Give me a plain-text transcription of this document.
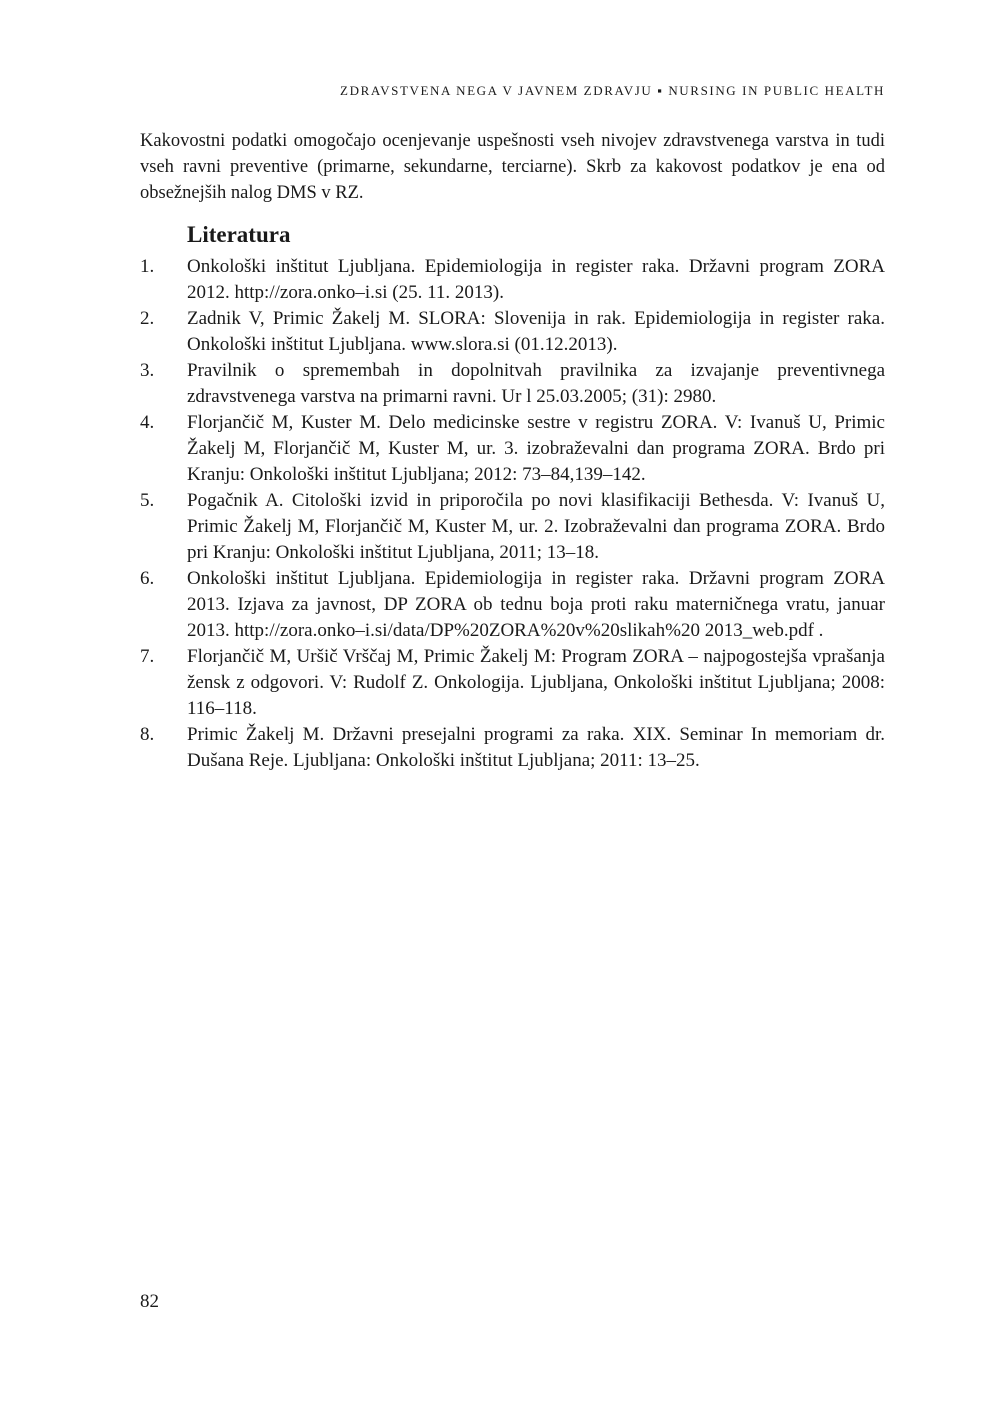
ZDRAVSTVENA NEGA V JAVNEM ZDRAVJU ▪ NURSING IN PUBLIC HEALTH

Kakovostni podatki omogočajo ocenjevanje uspešnosti vseh nivojev zdravstvenega varstva in tudi vseh ravni preventive (primarne, sekundarne, terciarne). Skrb za kakovost podatkov je ena od obsežnejših nalog DMS v RZ.

Literatura
1.	Onkološki inštitut Ljubljana. Epidemiologija in register raka. Državni program ZORA 2012. http://zora.onko–i.si (25. 11. 2013).
2.	Zadnik V, Primic Žakelj M. SLORA: Slovenija in rak. Epidemiologija in register raka. Onkološki inštitut Ljubljana. www.slora.si (01.12.2013).
3.	Pravilnik o spremembah in dopolnitvah pravilnika za izvajanje preventivnega zdravstvenega varstva na primarni ravni. Ur l 25.03.2005; (31): 2980.
4.	Florjančič M, Kuster M. Delo medicinske sestre v registru ZORA. V: Ivanuš U, Primic Žakelj M, Florjančič M, Kuster M, ur. 3. izobraževalni dan programa ZORA. Brdo pri Kranju: Onkološki inštitut Ljubljana; 2012: 73–84,139–142.
5.	Pogačnik A. Citološki izvid in priporočila po novi klasifikaciji Bethesda. V: Ivanuš U, Primic Žakelj M, Florjančič M, Kuster M, ur. 2. Izobraževalni dan programa ZORA. Brdo pri Kranju: Onkološki inštitut Ljubljana, 2011; 13–18.
6.	Onkološki inštitut Ljubljana. Epidemiologija in register raka. Državni program ZORA 2013. Izjava za javnost, DP ZORA ob tednu boja proti raku materničnega vratu, januar 2013. http://zora.onko–i.si/data/DP%20ZORA%20v%20slikah%20 2013_web.pdf .
7.	Florjančič M, Uršič Vrščaj M, Primic Žakelj M: Program ZORA – najpogostejša vprašanja žensk z odgovori. V: Rudolf Z. Onkologija. Ljubljana, Onkološki inštitut Ljubljana; 2008: 116–118.
8.	Primic Žakelj M. Državni presejalni programi za raka. XIX. Seminar In memoriam dr. Dušana Reje. Ljubljana: Onkološki inštitut Ljubljana; 2011: 13–25.
82
